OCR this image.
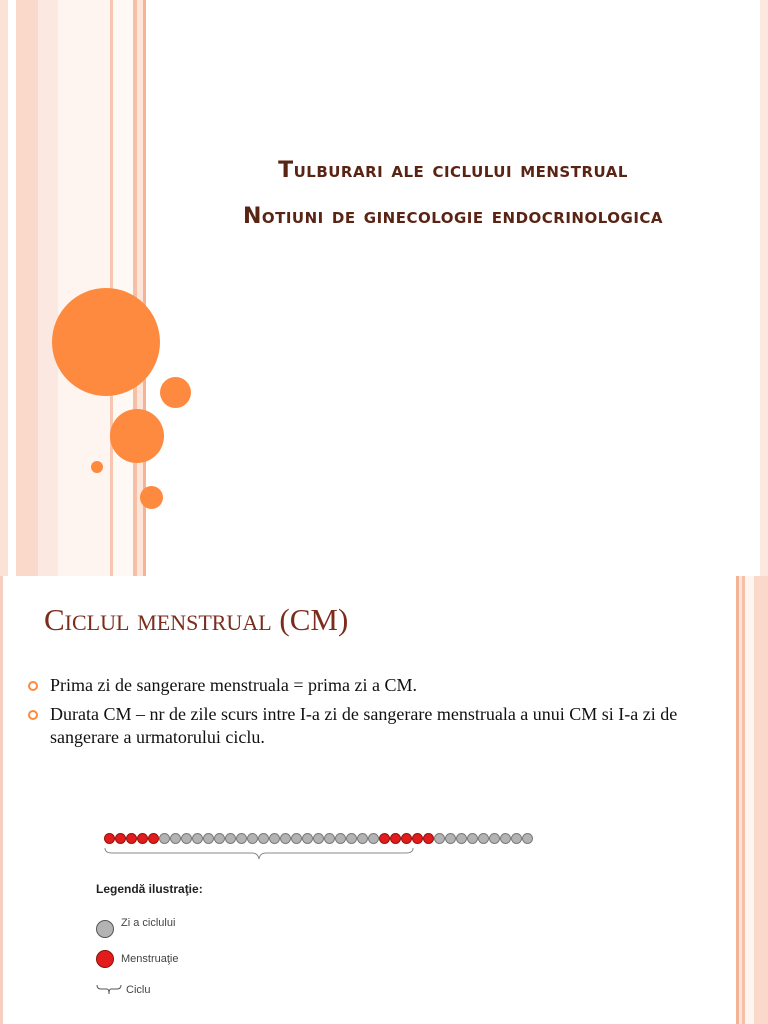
Tulburari ale ciclului menstrual
Notiuni de ginecologie endocrinologica
Ciclul menstrual (CM)
Prima zi de sangerare menstruala = prima zi a CM.
Durata CM – nr de zile scurs intre I-a zi de sangerare menstruala a unui CM si I-a zi de sangerare a urmatorului ciclu.
Legendă ilustraţie:
Zi a ciclului
Menstruaţie
Ciclu
